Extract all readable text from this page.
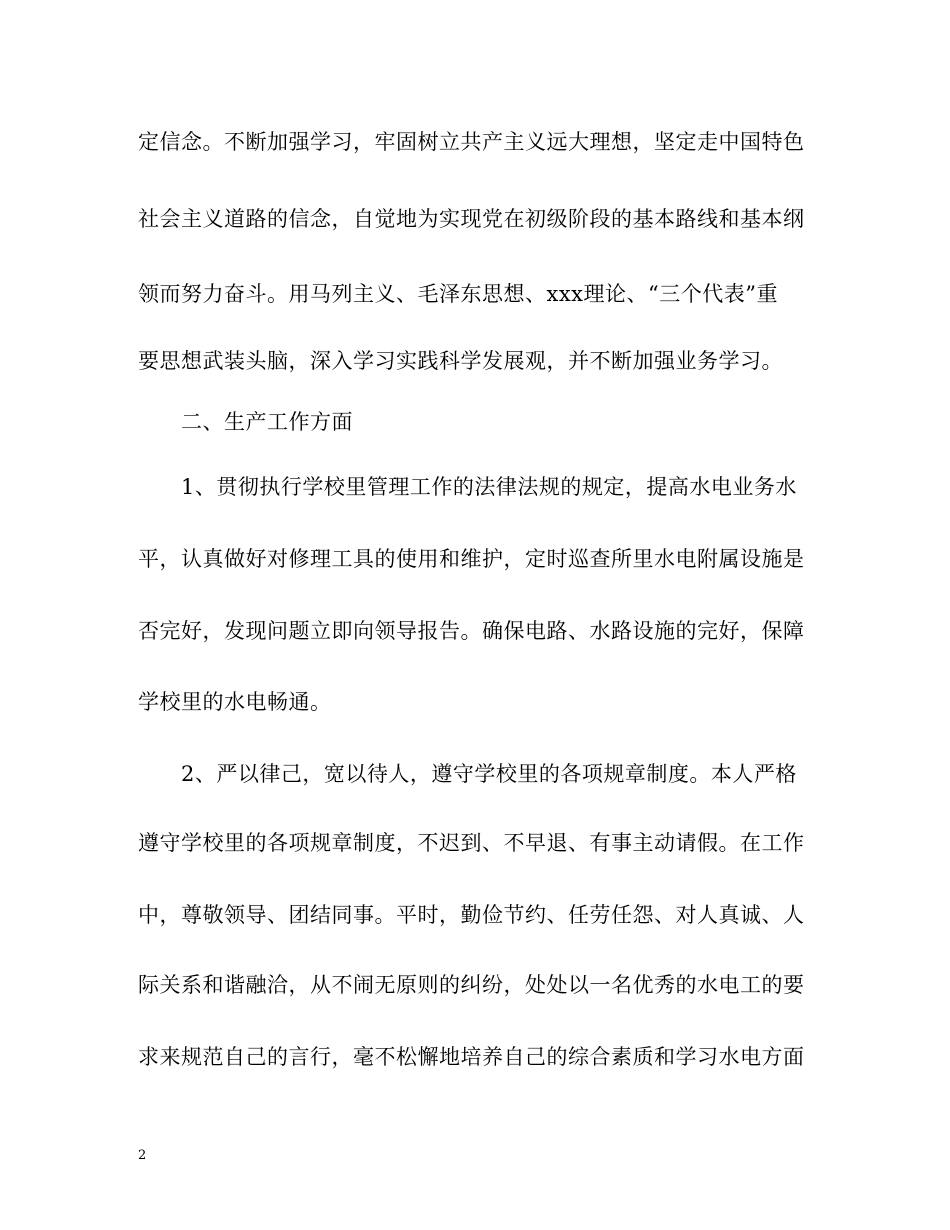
定信念。不断加强学习，牢固树立共产主义远大理想，坚定走中国特色
社会主义道路的信念，自觉地为实现党在初级阶段的基本路线和基本纲
领而努力奋斗。用马列主义、毛泽东思想、xxx理论、“三个代表”重
要思想武装头脑，深入学习实践科学发展观，并不断加强业务学习。
二、生产工作方面
1、贯彻执行学校里管理工作的法律法规的规定，提高水电业务水
平，认真做好对修理工具的使用和维护，定时巡查所里水电附属设施是
否完好，发现问题立即向领导报告。确保电路、水路设施的完好，保障
学校里的水电畅通。
2、严以律己，宽以待人，遵守学校里的各项规章制度。本人严格
遵守学校里的各项规章制度，不迟到、不早退、有事主动请假。在工作
中，尊敬领导、团结同事。平时，勤俭节约、任劳任怨、对人真诚、人
际关系和谐融洽，从不闹无原则的纠纷，处处以一名优秀的水电工的要
求来规范自己的言行，毫不松懈地培养自己的综合素质和学习水电方面
2
